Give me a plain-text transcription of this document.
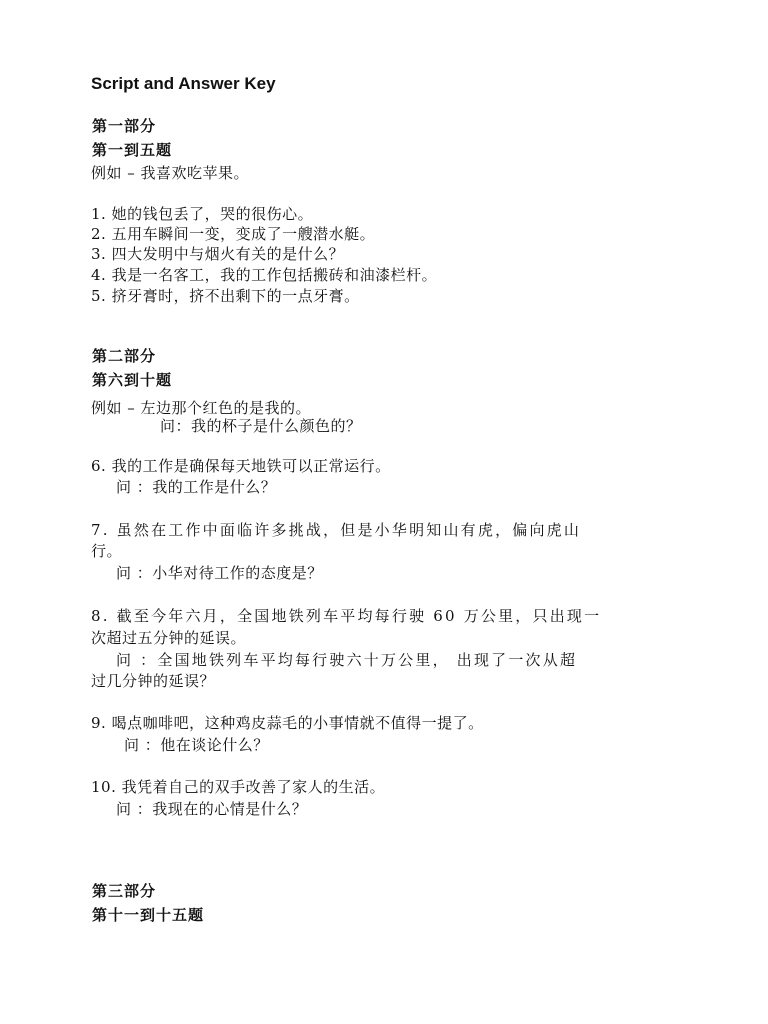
Script and Answer Key
第一部分
第一到五题
例如 – 我喜欢吃苹果。
1. 她的钱包丢了，哭的很伤心。
2. 五用车瞬间一变，变成了一艘潜水艇。
3. 四大发明中与烟火有关的是什么？
4. 我是一名客工，我的工作包括搬砖和油漆栏杆。
5. 挤牙膏时，挤不出剩下的一点牙膏。
第二部分
第六到十题
例如 – 左边那个红色的是我的。
问：我的杯子是什么颜色的？
6. 我的工作是确保每天地铁可以正常运行。
问 ：我的工作是什么？
7. 虽然在工作中面临许多挑战，但是小华明知山有虎，偏向虎山
行。
问 ：小华对待工作的态度是？
8. 截至今年六月，全国地铁列车平均每行驶 60 万公里，只出现一
次超过五分钟的延误。
问 ：全国地铁列车平均每行驶六十万公里， 出现了一次从超
过几分钟的延误？
9. 喝点咖啡吧，这种鸡皮蒜毛的小事情就不值得一提了。
问 ：他在谈论什么？
10. 我凭着自己的双手改善了家人的生活。
问 ：我现在的心情是什么？
第三部分
第十一到十五题
